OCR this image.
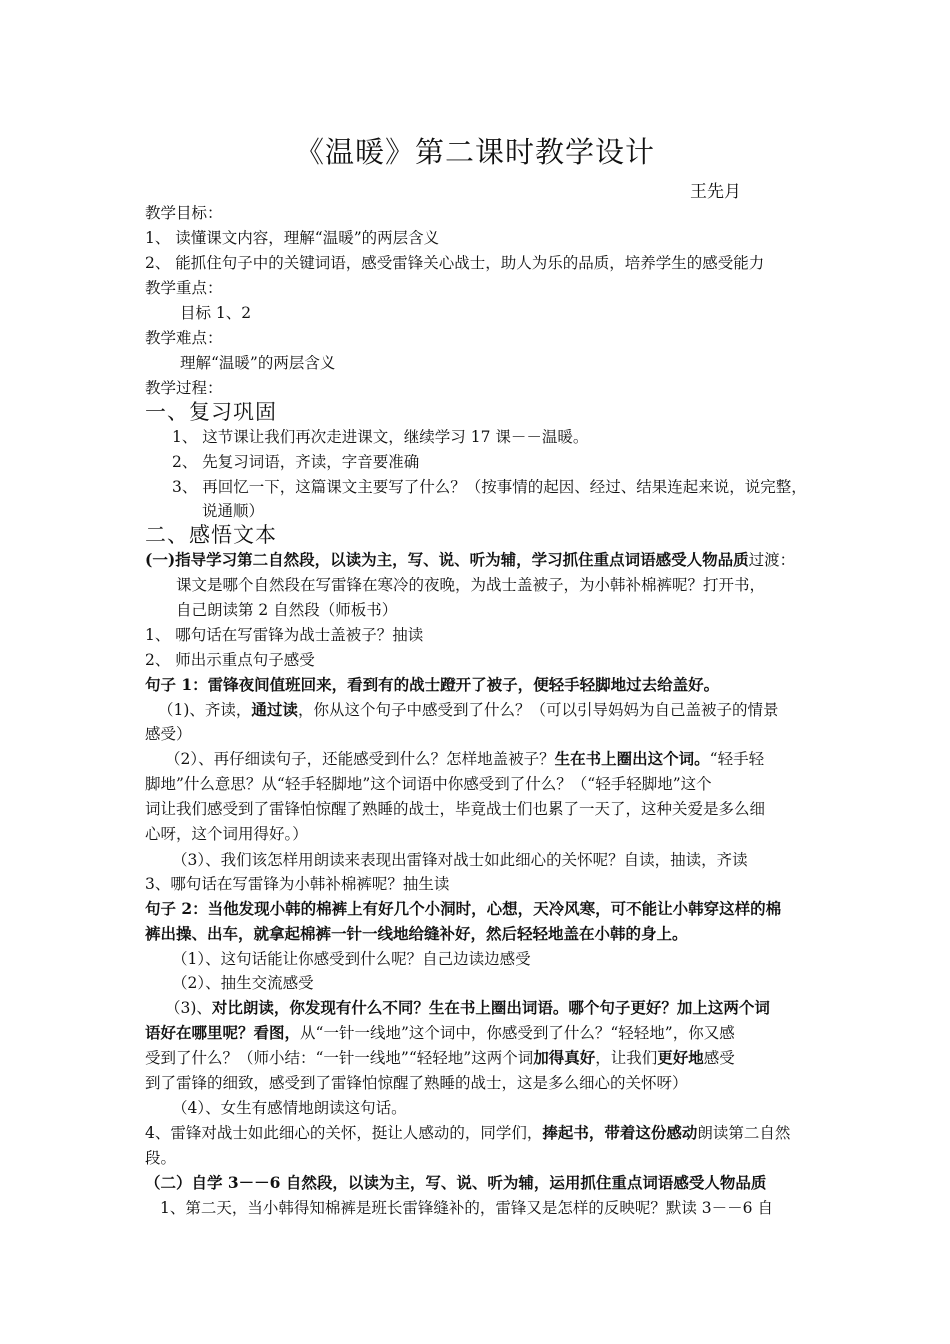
《温暖》第二课时教学设计
王先月
教学目标：
1、 读懂课文内容，理解“温暖”的两层含义
2、 能抓住句子中的关键词语，感受雷锋关心战士，助人为乐的品质，培养学生的感受能力
教学重点：
目标 1、2
教学难点：
理解“温暖”的两层含义
教学过程：
一、复习巩固
1、 这节课让我们再次走进课文，继续学习 17 课－－温暖。
2、 先复习词语，齐读，字音要准确
3、 再回忆一下，这篇课文主要写了什么？（按事情的起因、经过、结果连起来说，说完整，
说通顺）
二、感悟文本
(一)指导学习第二自然段，以读为主，写、说、听为辅，学习抓住重点词语感受人物品质过渡：
课文是哪个自然段在写雷锋在寒冷的夜晚，为战士盖被子，为小韩补棉裤呢？打开书，
自己朗读第 2 自然段（师板书）
1、 哪句话在写雷锋为战士盖被子？抽读
2、 师出示重点句子感受
句子 1：雷锋夜间值班回来，看到有的战士蹬开了被子，便轻手轻脚地过去给盖好。
（1)、齐读，通过读，你从这个句子中感受到了什么？（可以引导妈妈为自己盖被子的情景
感受）
（2）、再仔细读句子，还能感受到什么？怎样地盖被子？生在书上圈出这个词。“轻手轻
脚地”什么意思？从“轻手轻脚地”这个词语中你感受到了什么？（“轻手轻脚地”这个
词让我们感受到了雷锋怕惊醒了熟睡的战士，毕竟战士们也累了一天了，这种关爱是多么细
心呀，这个词用得好。）
（3）、我们该怎样用朗读来表现出雷锋对战士如此细心的关怀呢？自读，抽读，齐读
3、哪句话在写雷锋为小韩补棉裤呢？抽生读
句子 2：当他发现小韩的棉裤上有好几个小洞时，心想，天冷风寒，可不能让小韩穿这样的棉
裤出操、出车，就拿起棉裤一针一线地给缝补好，然后轻轻地盖在小韩的身上。
（1）、这句话能让你感受到什么呢？自己边读边感受
（2）、抽生交流感受
（3)、对比朗读，你发现有什么不同？生在书上圈出词语。哪个句子更好？加上这两个词
语好在哪里呢？看图，从“一针一线地”这个词中，你感受到了什么？“轻轻地”，你又感
受到了什么？（师小结：“一针一线地”“轻轻地”这两个词加得真好，让我们更好地感受
到了雷锋的细致，感受到了雷锋怕惊醒了熟睡的战士，这是多么细心的关怀呀）
（4）、女生有感情地朗读这句话。
4、雷锋对战士如此细心的关怀，挺让人感动的，同学们，捧起书，带着这份感动朗读第二自然
段。
（二）自学 3－－6 自然段，以读为主，写、说、听为辅，运用抓住重点词语感受人物品质
1、第二天，当小韩得知棉裤是班长雷锋缝补的，雷锋又是怎样的反映呢？默读 3－－6 自
